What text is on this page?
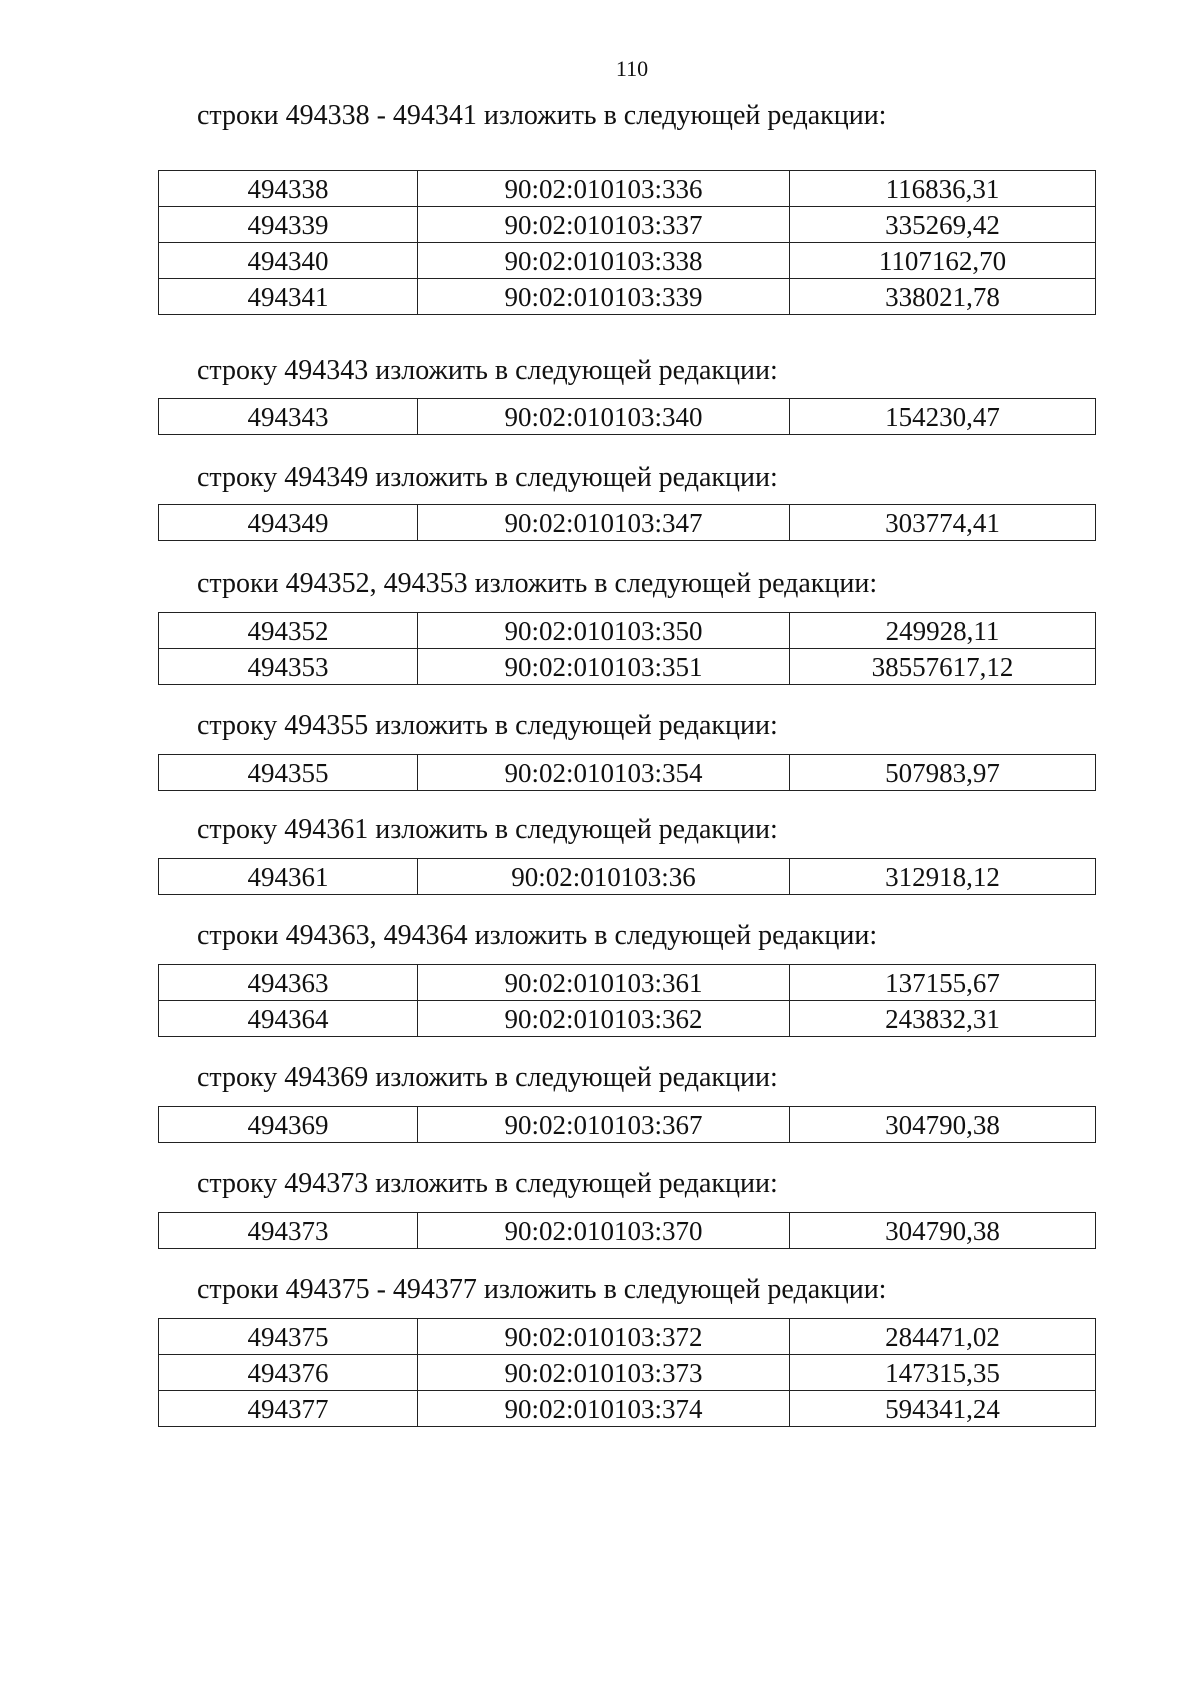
110
строки 494338 - 494341 изложить в следующей редакции:
494338	90:02:010103:336	116836,31
494339	90:02:010103:337	335269,42
494340	90:02:010103:338	1107162,70
494341	90:02:010103:339	338021,78
строку 494343 изложить в следующей редакции:
494343	90:02:010103:340	154230,47
строку 494349 изложить в следующей редакции:
494349	90:02:010103:347	303774,41
строки 494352, 494353 изложить в следующей редакции:
494352	90:02:010103:350	249928,11
494353	90:02:010103:351	38557617,12
строку 494355 изложить в следующей редакции:
494355	90:02:010103:354	507983,97
строку 494361 изложить в следующей редакции:
494361	90:02:010103:36	312918,12
строки 494363, 494364 изложить в следующей редакции:
494363	90:02:010103:361	137155,67
494364	90:02:010103:362	243832,31
строку 494369 изложить в следующей редакции:
494369	90:02:010103:367	304790,38
строку 494373 изложить в следующей редакции:
494373	90:02:010103:370	304790,38
строки 494375 - 494377 изложить в следующей редакции:
494375	90:02:010103:372	284471,02
494376	90:02:010103:373	147315,35
494377	90:02:010103:374	594341,24
